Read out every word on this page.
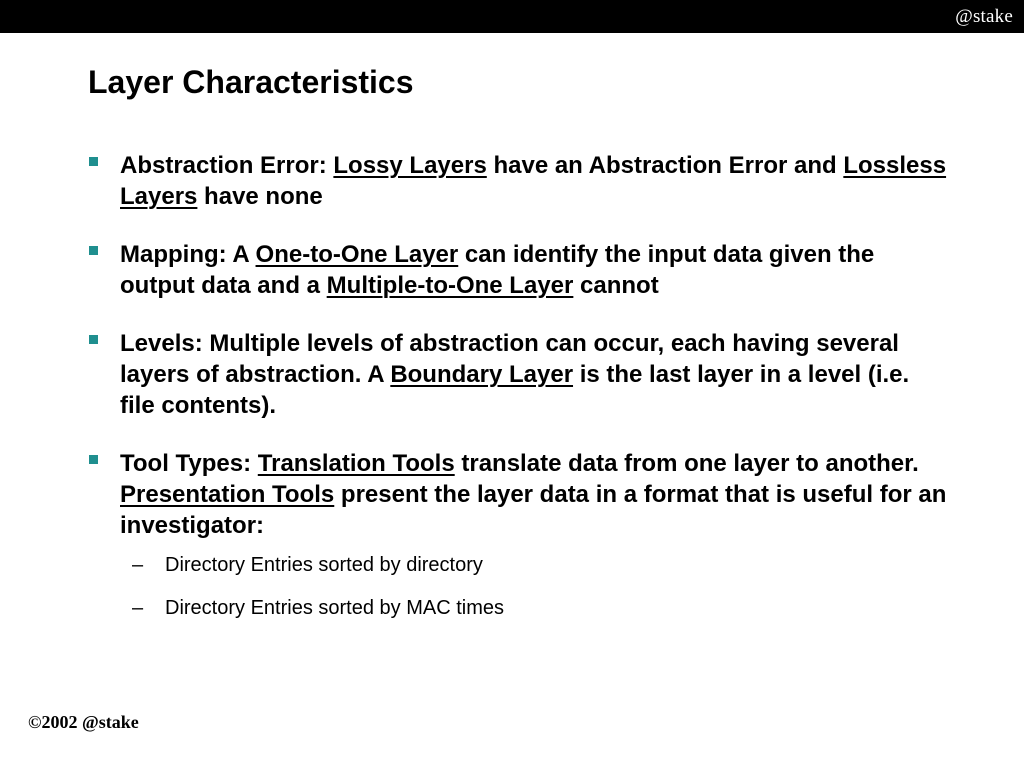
@stake
Layer Characteristics
Abstraction Error: Lossy Layers have an Abstraction Error and Lossless Layers have none
Mapping: A One-to-One Layer can identify the input data given the output data and a Multiple-to-One Layer cannot
Levels: Multiple levels of abstraction can occur, each having several layers of abstraction. A Boundary Layer is the last layer in a level (i.e. file contents).
Tool Types: Translation Tools translate data from one layer to another. Presentation Tools present the layer data in a format that is useful for an investigator:
– Directory Entries sorted by directory
– Directory Entries sorted by MAC times
©2002 @stake
